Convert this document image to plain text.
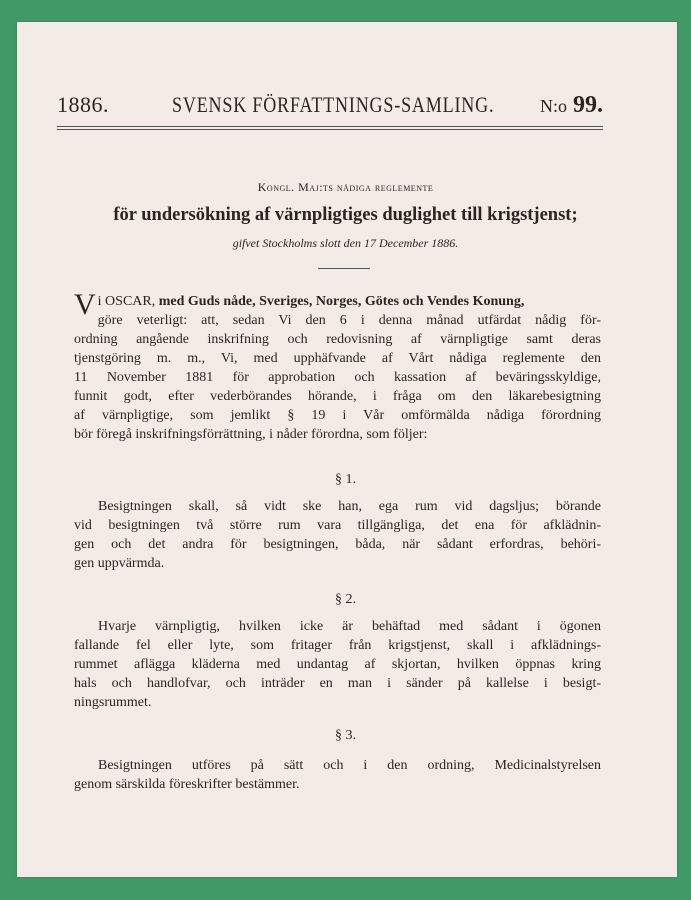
1886.	SVENSK FÖRFATTNINGS-SAMLING.	N:o 99.
Kongl. Maj:ts nådiga reglemente
för undersökning af värnpligtiges duglighet till krigstjenst;
gifvet Stockholms slott den 17 December 1886.
Vi OSCAR, med Guds nåde, Sveriges, Norges, Götes och Vendes Konung,
göre veterligt: att, sedan Vi den 6 i denna månad utfärdat nådig för-
ordning angående inskrifning och redovisning af värnpligtige samt deras
tjenstgöring m. m., Vi, med upphäfvande af Vårt nådiga reglemente den
11 November 1881 för approbation och kassation af beväringsskyldige,
funnit godt, efter vederbörandes hörande, i fråga om den läkarebesigtning
af värnpligtige, som jemlikt § 19 i Vår omförmälda nådiga förordning
bör föregå inskrifningsförrättning, i nåder förordna, som följer:
§ 1.
Besigtningen skall, så vidt ske han, ega rum vid dagsljus; börande
vid besigtningen två större rum vara tillgängliga, det ena för afklädnin-
gen och det andra för besigtningen, båda, när sådant erfordras, behöri-
gen uppvärmda.
§ 2.
Hvarje värnpligtig, hvilken icke är behäftad med sådant i ögonen
fallande fel eller lyte, som fritager från krigstjenst, skall i afklädnings-
rummet aflägga kläderna med undantag af skjortan, hvilken öppnas kring
hals och handlofvar, och inträder en man i sänder på kallelse i besigt-
ningsrummet.
§ 3.
Besigtningen utföres på sätt och i den ordning, Medicinalstyrelsen
genom särskilda föreskrifter bestämmer.
